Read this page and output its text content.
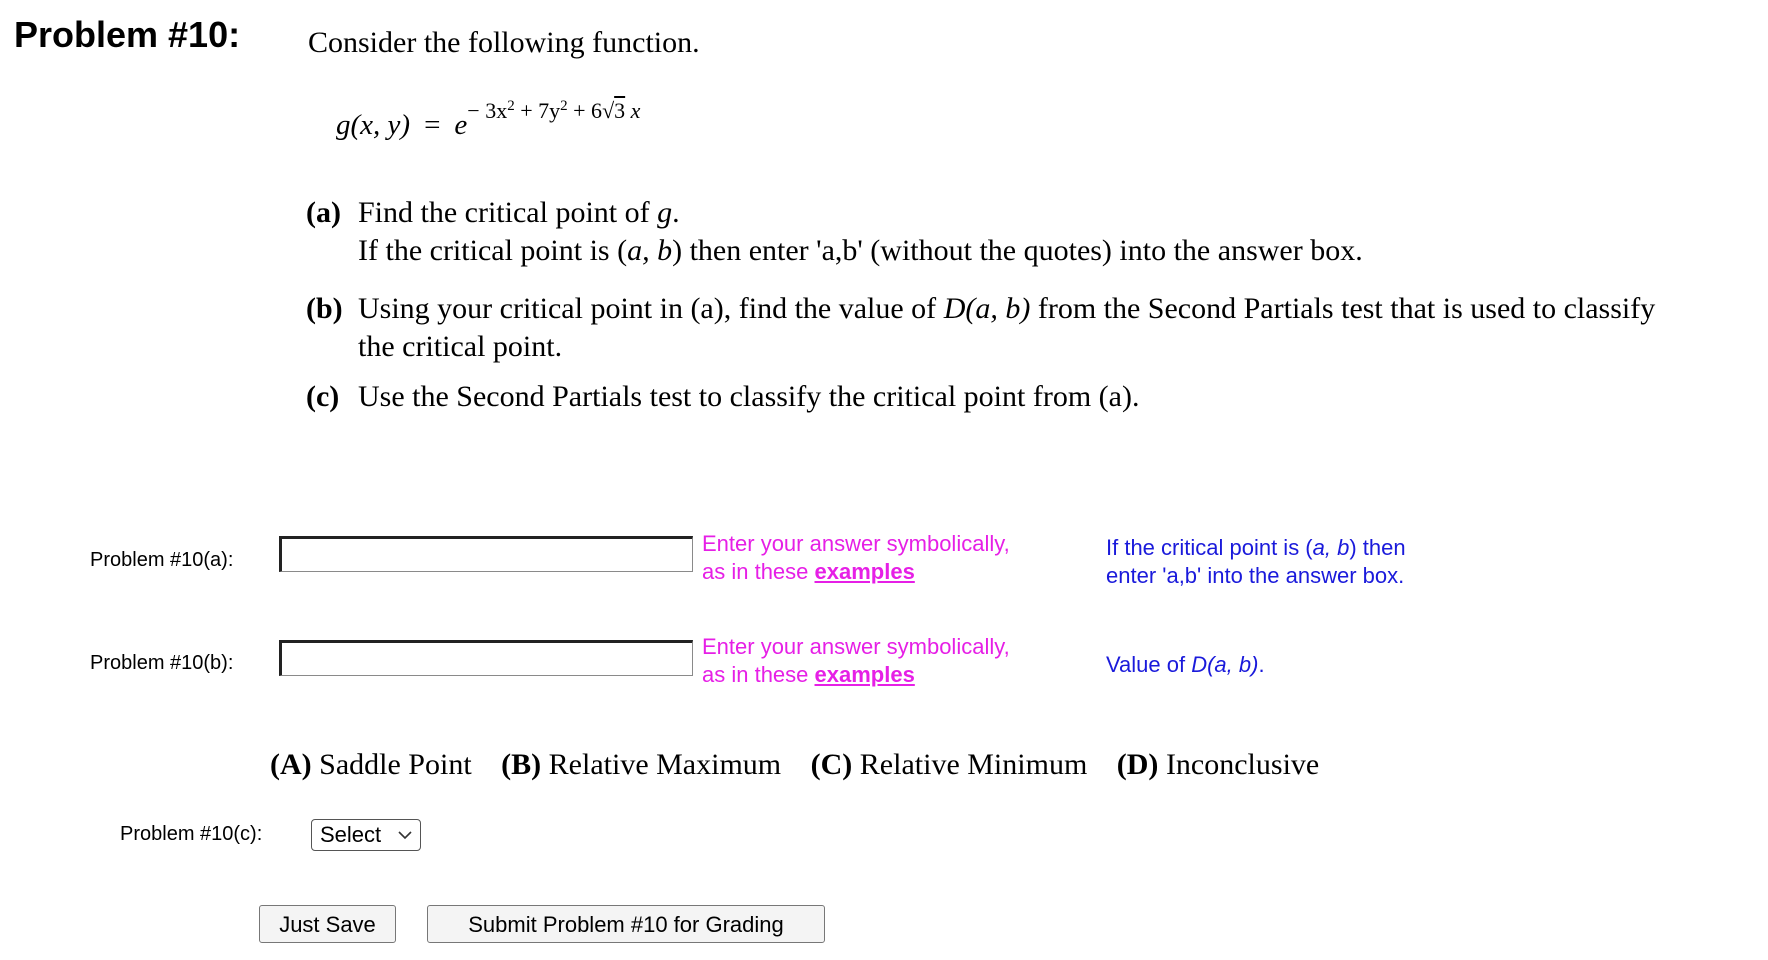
Problem #10: Consider the following function.
g(x, $y) = e^{- 3x^2 + 7y^2 + 6√3 x}$
(a) Find the critical point of g.
If the critical point is (a, b) then enter 'a,b' (without the quotes) into the answer box.
(b) Using your critical point in (a), find the value of D(a, b) from the Second Partials test that is used to classify
the critical point.
(c) Use the Second Partials test to classify the critical point from (a).
Problem #10(a):
Enter your answer symbolically,
as in these examples
If the critical point is (a, b) then
enter 'a,b' into the answer box.
Problem #10(b):
Enter your answer symbolically,
as in these examples	Value of D(a, b).
(A) Saddle Point (B) Relative Maximum (C) Relative Minimum (D) Inconclusive
Problem #10(c):	Select
Just Save	Submit Problem #10 for Grading
